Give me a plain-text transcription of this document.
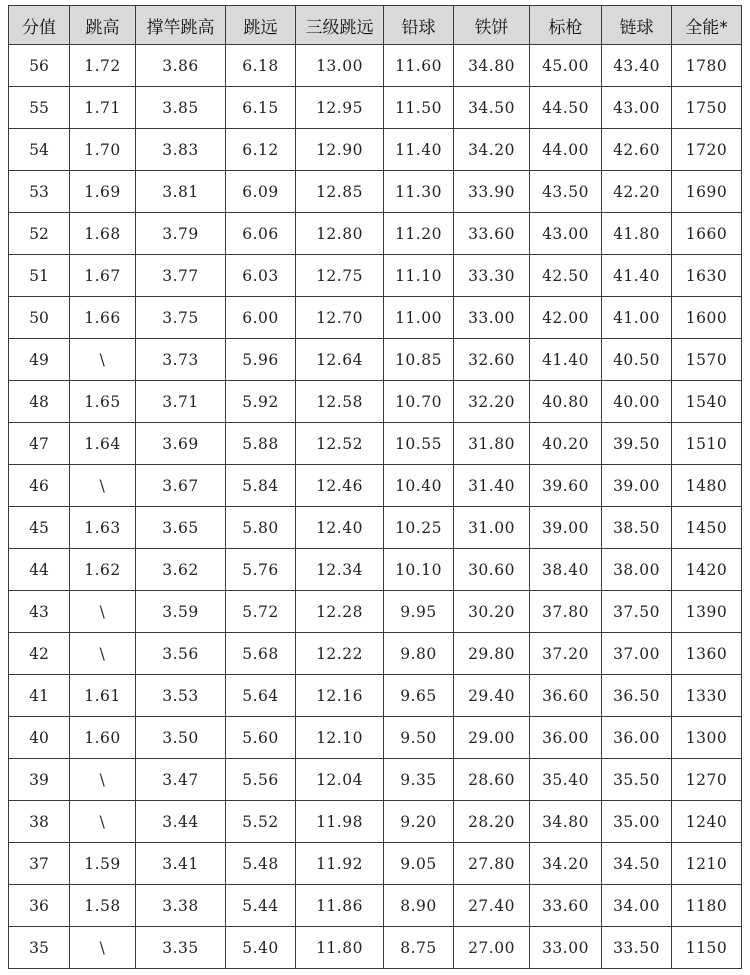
分值	跳高	撑竿跳高	跳远	三级跳远	铅球	铁饼	标枪	链球	全能*
56	1.72	3.86	6.18	13.00	11.60	34.80	45.00	43.40	1780
55	1.71	3.85	6.15	12.95	11.50	34.50	44.50	43.00	1750
54	1.70	3.83	6.12	12.90	11.40	34.20	44.00	42.60	1720
53	1.69	3.81	6.09	12.85	11.30	33.90	43.50	42.20	1690
52	1.68	3.79	6.06	12.80	11.20	33.60	43.00	41.80	1660
51	1.67	3.77	6.03	12.75	11.10	33.30	42.50	41.40	1630
50	1.66	3.75	6.00	12.70	11.00	33.00	42.00	41.00	1600
49	\	3.73	5.96	12.64	10.85	32.60	41.40	40.50	1570
48	1.65	3.71	5.92	12.58	10.70	32.20	40.80	40.00	1540
47	1.64	3.69	5.88	12.52	10.55	31.80	40.20	39.50	1510
46	\	3.67	5.84	12.46	10.40	31.40	39.60	39.00	1480
45	1.63	3.65	5.80	12.40	10.25	31.00	39.00	38.50	1450
44	1.62	3.62	5.76	12.34	10.10	30.60	38.40	38.00	1420
43	\	3.59	5.72	12.28	9.95	30.20	37.80	37.50	1390
42	\	3.56	5.68	12.22	9.80	29.80	37.20	37.00	1360
41	1.61	3.53	5.64	12.16	9.65	29.40	36.60	36.50	1330
40	1.60	3.50	5.60	12.10	9.50	29.00	36.00	36.00	1300
39	\	3.47	5.56	12.04	9.35	28.60	35.40	35.50	1270
38	\	3.44	5.52	11.98	9.20	28.20	34.80	35.00	1240
37	1.59	3.41	5.48	11.92	9.05	27.80	34.20	34.50	1210
36	1.58	3.38	5.44	11.86	8.90	27.40	33.60	34.00	1180
35	\	3.35	5.40	11.80	8.75	27.00	33.00	33.50	1150
